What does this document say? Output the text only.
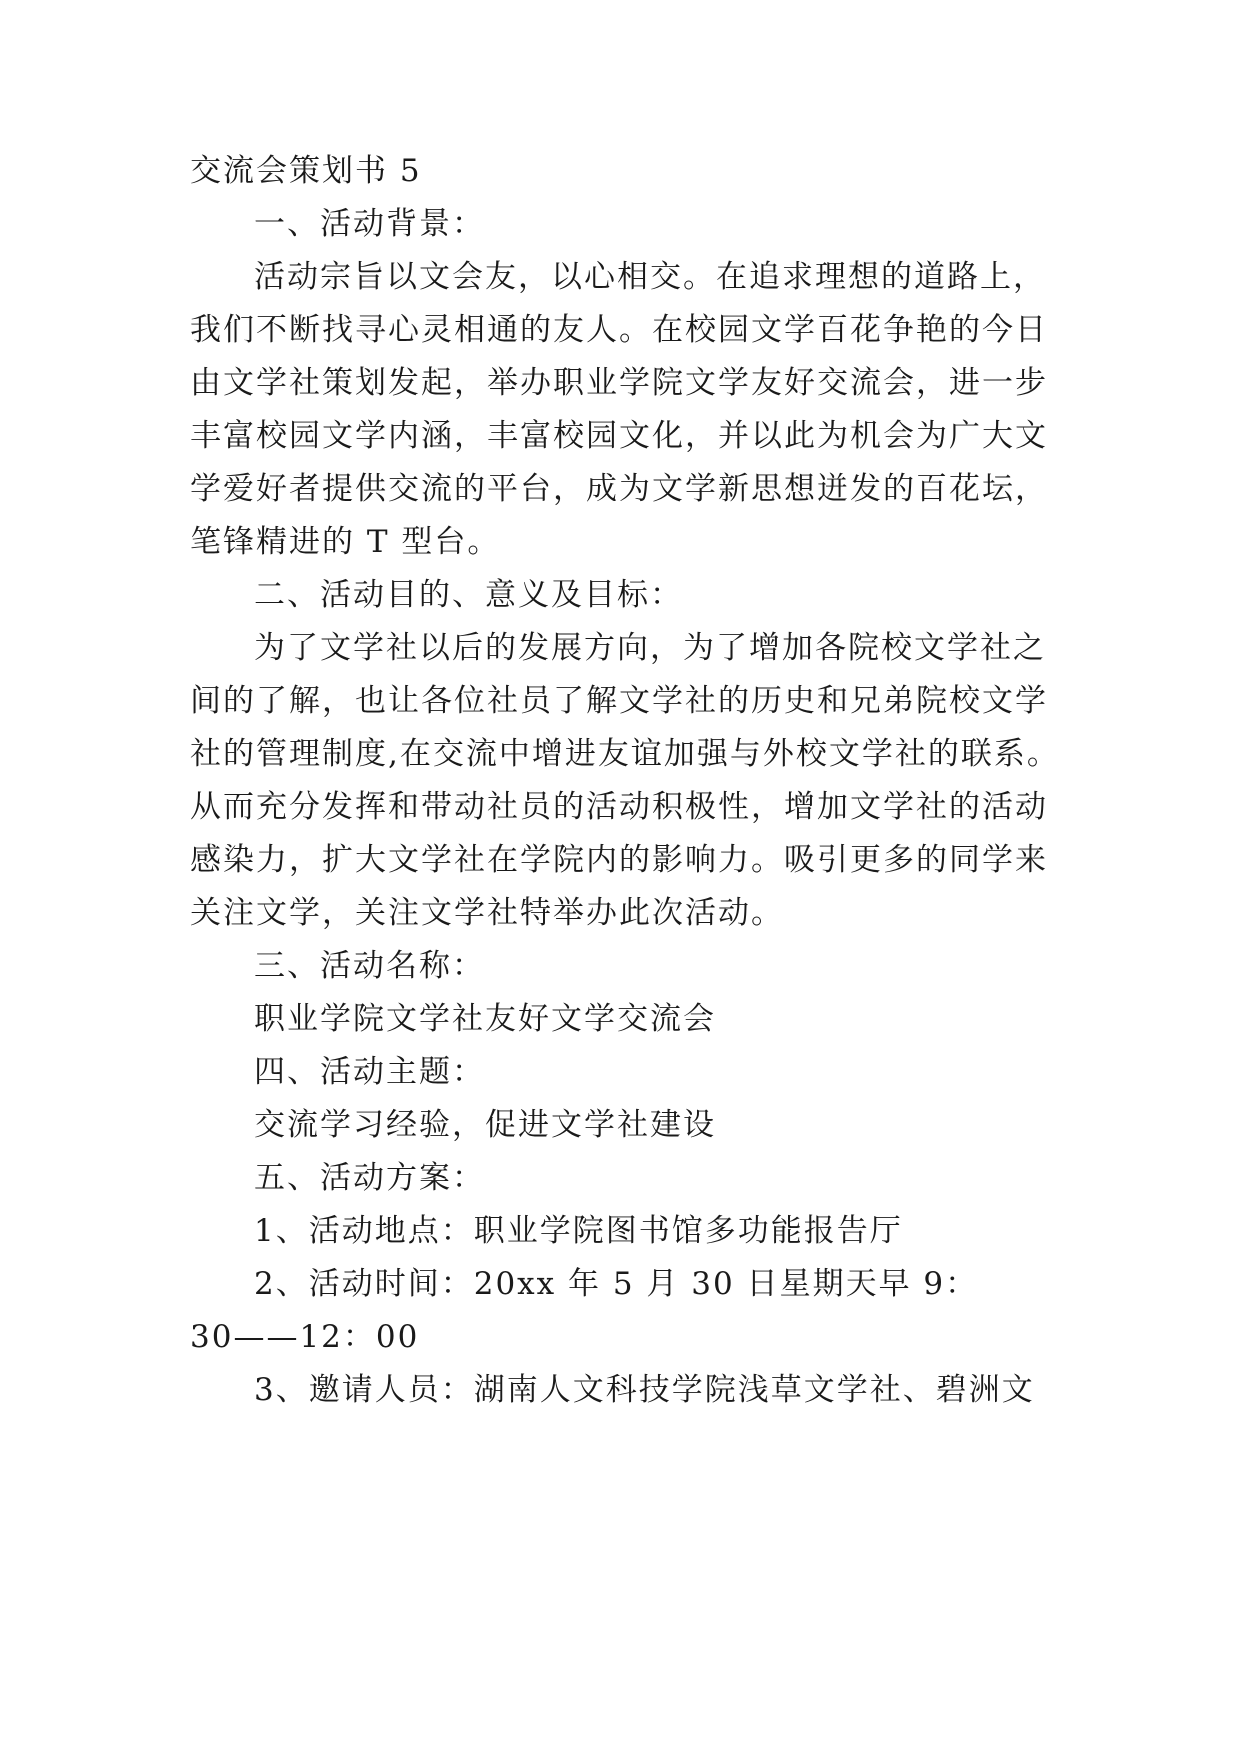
交流会策划书 5
一、活动背景：
活动宗旨以文会友，以心相交。在追求理想的道路上，
我们不断找寻心灵相通的友人。在校园文学百花争艳的今日
由文学社策划发起，举办职业学院文学友好交流会，进一步
丰富校园文学内涵，丰富校园文化，并以此为机会为广大文
学爱好者提供交流的平台，成为文学新思想迸发的百花坛，
笔锋精进的 T 型台。
二、活动目的、意义及目标：
为了文学社以后的发展方向，为了增加各院校文学社之
间的了解，也让各位社员了解文学社的历史和兄弟院校文学
社的管理制度,在交流中增进友谊加强与外校文学社的联系。
从而充分发挥和带动社员的活动积极性，增加文学社的活动
感染力，扩大文学社在学院内的影响力。吸引更多的同学来
关注文学，关注文学社特举办此次活动。
三、活动名称：
职业学院文学社友好文学交流会
四、活动主题：
交流学习经验，促进文学社建设
五、活动方案：
1、活动地点：职业学院图书馆多功能报告厅
2、活动时间：20xx 年 5 月 30 日星期天早 9：
30——12：00
3、邀请人员：湖南人文科技学院浅草文学社、碧洲文
